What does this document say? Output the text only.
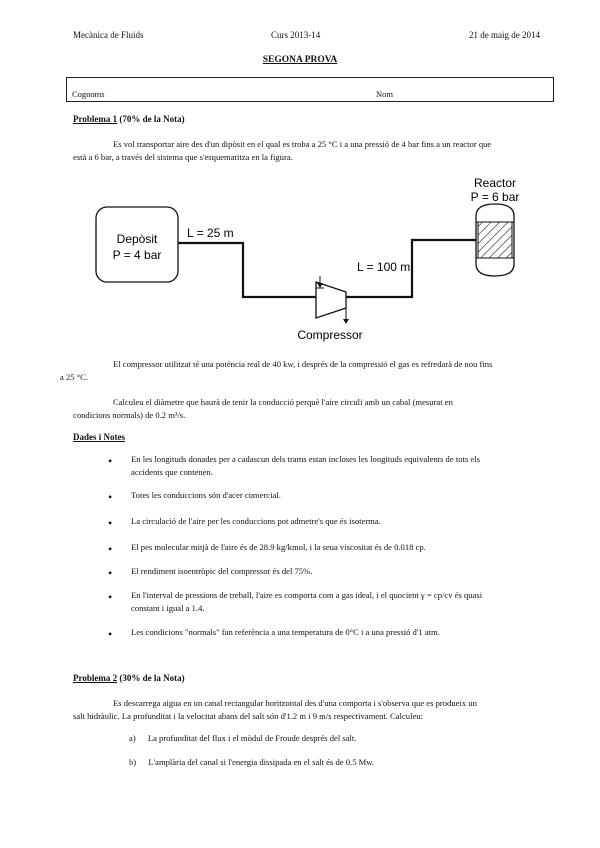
Mecànica de Fluids	Curs 2013-14	21 de maig de 2014
SEGONA PROVA
Cognoms	Nom
Problema 1 (70% de la Nota)
Es vol transportar aire des d'un dipòsit en el qual es troba a 25 °C i a una pressió de 4 bar fins a un reactor que
està a 6 bar, a través del sistema que s'esquematitza en la figura.
Depòsit
P = 4 bar
L = 25 m
Compressor
L = 100 m
Reactor
P = 6 bar
El compressor utilitzat té una potència real de 40 kw, i després de la compressió el gas es refredarà de nou fins
a 25 °C.
Calculeu el diàmetre que haurà de tenir la conducció perquè l'aire circuli amb un cabal (mesurat en
condicions normals) de 0.2 m³/s.
Dades i Notes
• En les longituds donades per a cadascun dels trams estan incloses les longituds equivalents de tots els
accidents que contenen.
• Totes les conduccions són d'acer comercial.
• La circulació de l'aire per les conduccions pot admetre's que és isoterma.
• El pes molecular mitjà de l'aire és de 28.9 kg/kmol, i la seua viscositat és de 0.018 cp.
• El rendiment isoentròpic del compressor és del 75%.
• En l'interval de pressions de treball, l'aire es comporta com a gas ideal, i el quocient γ = cp/cv és quasi
constant i igual a 1.4.
• Les condicions "normals" fan referència a una temperatura de 0°C i a una pressió d'1 atm.
Problema 2 (30% de la Nota)
Es descarrega aigua en un canal rectangular horitzontal des d'una comporta i s'observa que es produeix un
salt hidràulic. La profunditat i la velocitat abans del salt són d'1.2 m i 9 m/s respectivament. Calculeu:
a) La profunditat del flux i el mòdul de Froude després del salt.
b) L'amplària del canal si l'energia dissipada en el salt és de 0.5 Mw.
